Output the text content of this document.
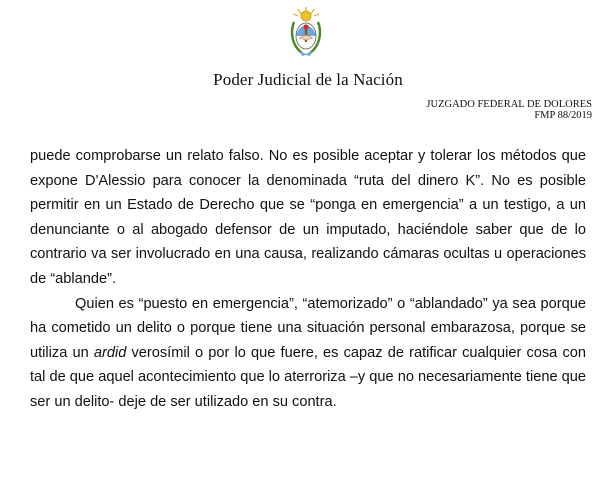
Poder Judicial de la Nación
JUZGADO FEDERAL DE DOLORES
FMP 88/2019

puede comprobarse un relato falso. No es posible aceptar y tolerar los métodos que expone D'Alessio para conocer la denominada “ruta del dinero K”. No es posible permitir en un Estado de Derecho que se “ponga en emergencia” a un testigo, a un denunciante o al abogado defensor de un imputado, haciéndole saber que de lo contrario va ser involucrado en una causa, realizando cámaras ocultas u operaciones de “ablande”.

Quien es “puesto en emergencia”, “atemorizado” o “ablandado” ya sea porque ha cometido un delito o porque tiene una situación personal embarazosa, porque se utiliza un ardid verosímil o por lo que fuere, es capaz de ratificar cualquier cosa con tal de que aquel acontecimiento que lo aterroriza –y que no necesariamente tiene que ser un delito- deje de ser utilizado en su contra.
